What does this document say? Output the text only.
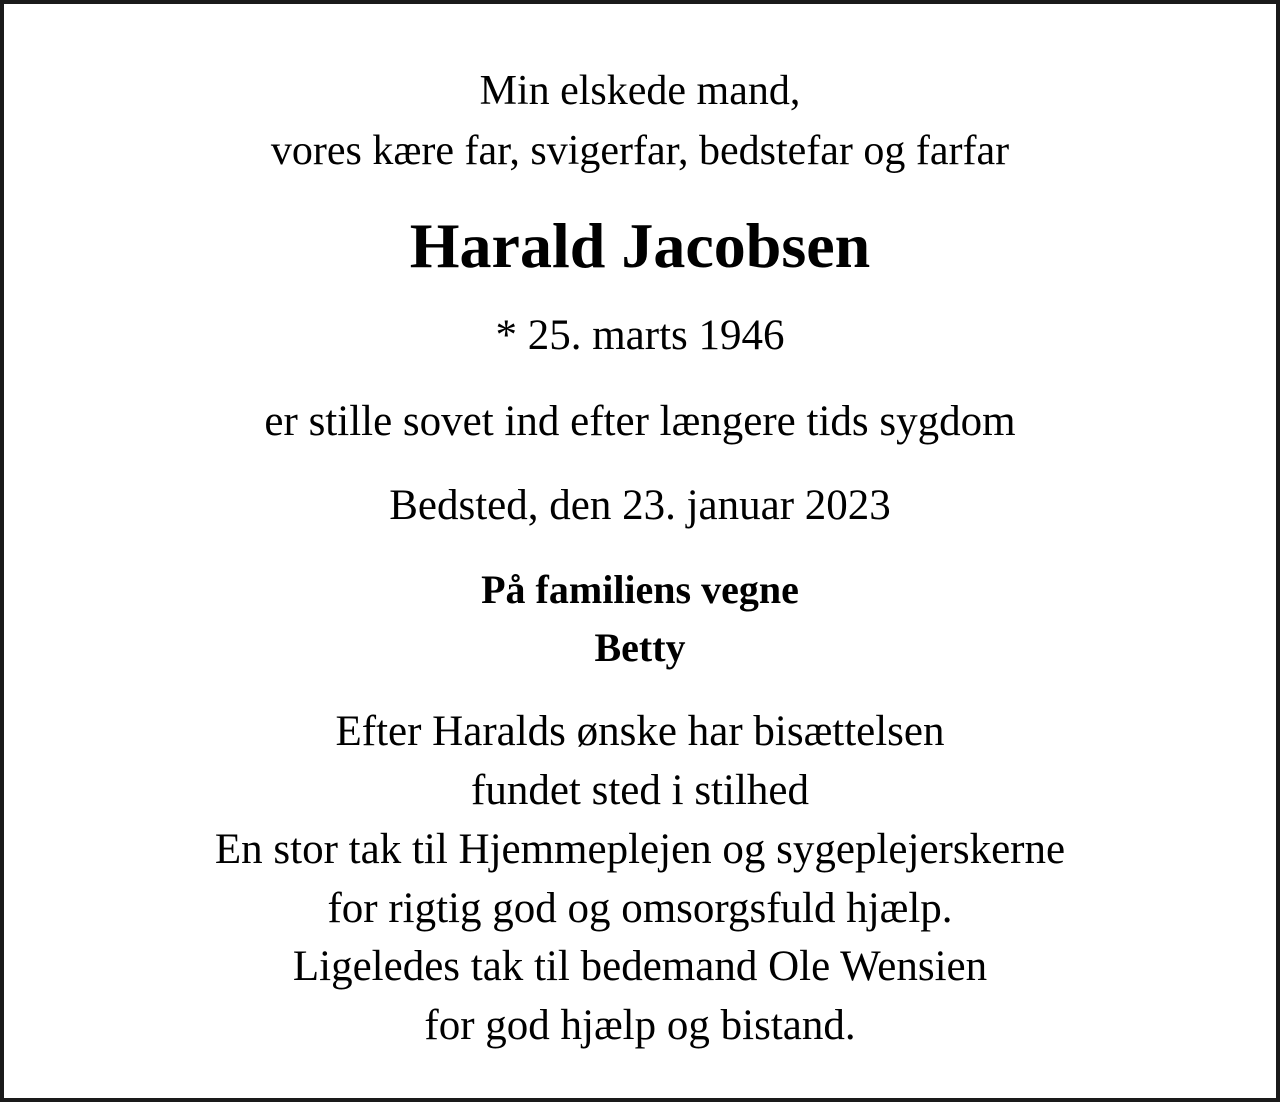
Min elskede mand,
vores kære far, svigerfar, bedstefar og farfar
Harald Jacobsen
* 25. marts 1946
er stille sovet ind efter længere tids sygdom
Bedsted, den 23. januar 2023
På familiens vegne
Betty
Efter Haralds ønske har bisættelsen
fundet sted i stilhed
En stor tak til Hjemmeplejen og sygeplejerskerne
for rigtig god og omsorgsfuld hjælp.
Ligeledes tak til bedemand Ole Wensien
for god hjælp og bistand.
